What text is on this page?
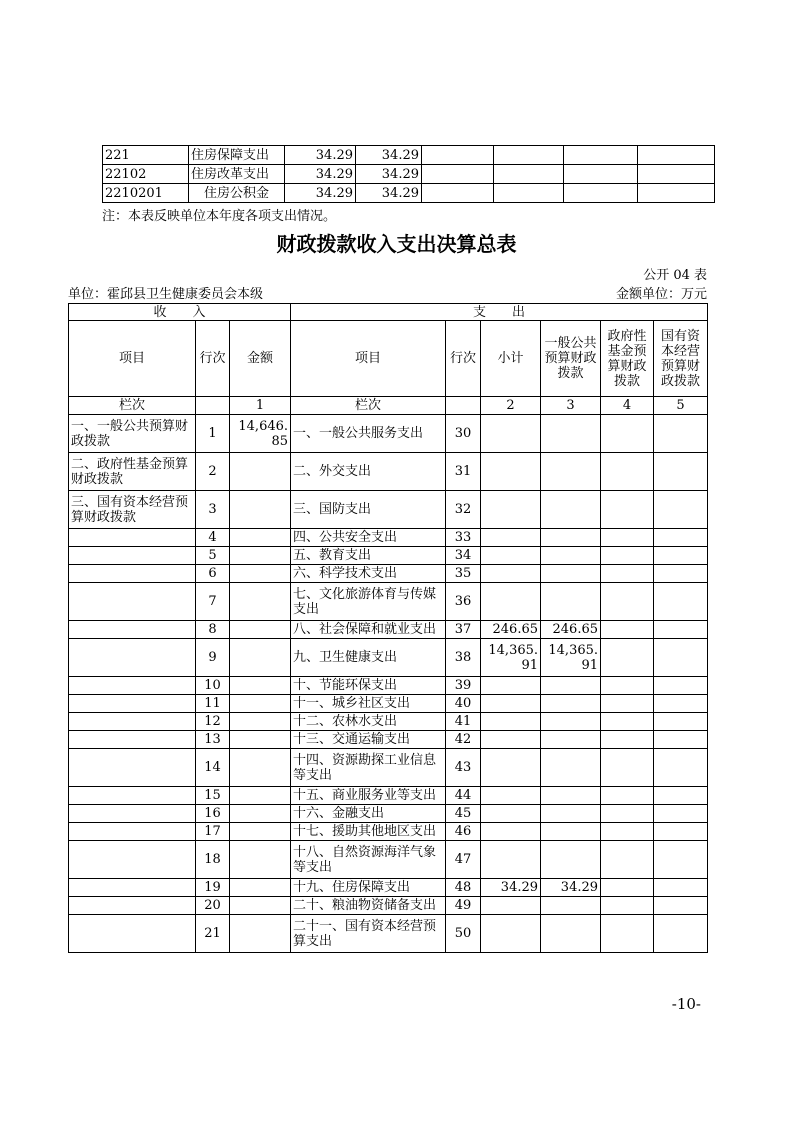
221	住房保障支出	34.29	34.29				
22102	住房改革支出	34.29	34.29				
2210201	住房公积金	34.29	34.29				
注：本表反映单位本年度各项支出情况。
财政拨款收入支出决算总表
公开 04 表
单位：霍邱县卫生健康委员会本级	金额单位：万元
收　　入			支　　出					
项目	行次	金额	项目	行次	小计	一般公共预算财政拨款	政府性基金预算财政拨款	国有资本经营预算财政拨款
栏次		1	栏次		2	3	4	5
一、一般公共预算财政拨款	1	14,646.85	一、一般公共服务支出	30				
二、政府性基金预算财政拨款	2		二、外交支出	31				
三、国有资本经营预算财政拨款	3		三、国防支出	32				
	4		四、公共安全支出	33				
	5		五、教育支出	34				
	6		六、科学技术支出	35				
	7		七、文化旅游体育与传媒支出	36				
	8		八、社会保障和就业支出	37	246.65	246.65		
	9		九、卫生健康支出	38	14,365.91	14,365.91		
	10		十、节能环保支出	39				
	11		十一、城乡社区支出	40				
	12		十二、农林水支出	41				
	13		十三、交通运输支出	42				
	14		十四、资源勘探工业信息等支出	43				
	15		十五、商业服务业等支出	44				
	16		十六、金融支出	45				
	17		十七、援助其他地区支出	46				
	18		十八、自然资源海洋气象等支出	47				
	19		十九、住房保障支出	48	34.29	34.29		
	20		二十、粮油物资储备支出	49				
	21		二十一、国有资本经营预算支出	50				
-10-
